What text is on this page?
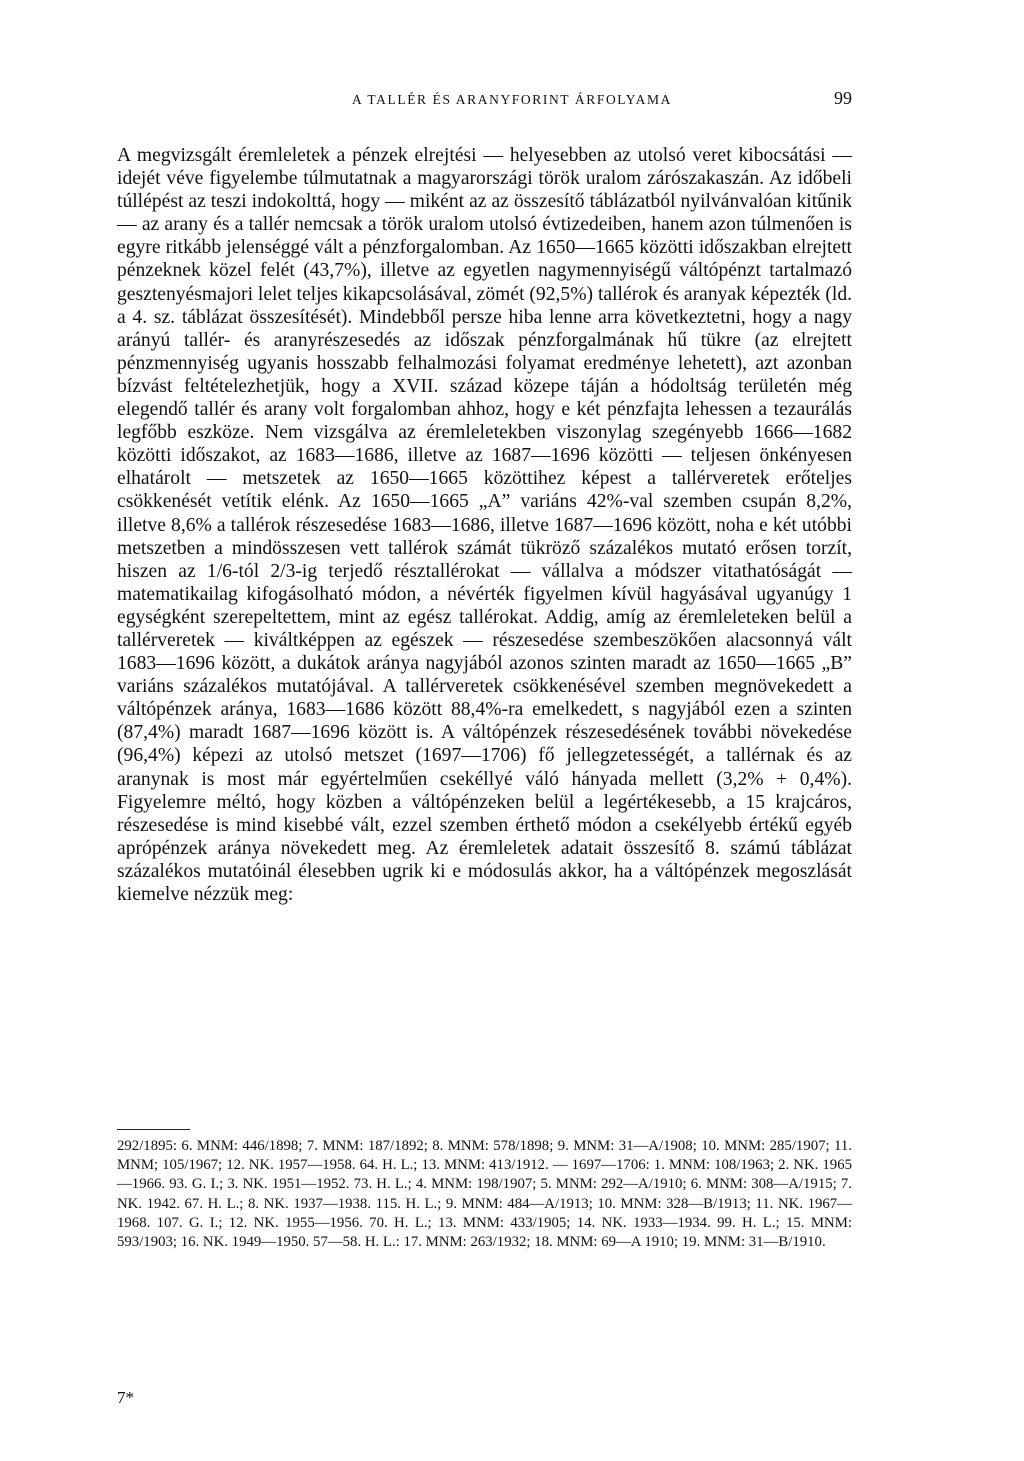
A TALLÉR ÉS ARANYFORINT ÁRFOLYAMA	99

A megvizsgált éremleletek a pénzek elrejtési — helyesebben az utolsó veret kibocsátási — idejét véve figyelembe túlmutatnak a magyarországi török uralom zárószakaszán. Az időbeli túllépést az teszi indokolttá, hogy — miként az az összesítő táblázatból nyilvánvalóan kitűnik — az arany és a tallér nemcsak a török uralom utolsó évtizedeiben, hanem azon túlmenően is egyre ritkább jelenséggé vált a pénzforgalomban. Az 1650—1665 közötti időszakban elrejtett pénzeknek közel felét (43,7%), illetve az egyetlen nagymennyiségű váltópénzt tartalmazó gesztenyésmajori lelet teljes kikapcsolásával, zömét (92,5%) tallérok és aranyak képezték (ld. a 4. sz. táblázat összesítését). Mindebből persze hiba lenne arra következtetni, hogy a nagy arányú tallér- és aranyrészesedés az időszak pénzforgalmának hű tükre (az elrejtett pénzmennyiség ugyanis hosszabb felhalmozási folyamat eredménye lehetett), azt azonban bízvást feltételezhetjük, hogy a XVII. század közepe táján a hódoltság területén még elegendő tallér és arany volt forgalomban ahhoz, hogy e két pénzfajta lehessen a tezaurálás legfőbb eszköze. Nem vizsgálva az éremleletekben viszonylag szegényebb 1666—1682 közötti időszakot, az 1683—1686, illetve az 1687—1696 közötti — teljesen önkényesen elhatárolt — metszetek az 1650—1665 közöttihez képest a tallérveretek erőteljes csökkenését vetítik elénk. Az 1650—1665 „A” variáns 42%-val szemben csupán 8,2%, illetve 8,6% a tallérok részesedése 1683—1686, illetve 1687—1696 között, noha e két utóbbi metszetben a mindösszesen vett tallérok számát tükröző százalékos mutató erősen torzít, hiszen az 1/6-tól 2/3-ig terjedő résztallérokat — vállalva a módszer vitathatóságát — matematikailag kifogásolható módon, a névérték figyelmen kívül hagyásával ugyanúgy 1 egységként szerepeltettem, mint az egész tallérokat. Addig, amíg az éremleleteken belül a tallérveretek — kiváltképpen az egészek — részesedése szembeszökően alacsonnyá vált 1683—1696 között, a dukátok aránya nagyjából azonos szinten maradt az 1650—1665 „B” variáns százalékos mutatójával. A tallérveretek csökkenésével szemben megnövekedett a váltópénzek aránya, 1683—1686 között 88,4%-ra emelkedett, s nagyjából ezen a szinten (87,4%) maradt 1687—1696 között is. A váltópénzek részesedésének további növekedése (96,4%) képezi az utolsó metszet (1697—1706) fő jellegzetességét, a tallérnak és az aranynak is most már egyértelműen csekéllyé váló hányada mellett (3,2% + 0,4%). Figyelemre méltó, hogy közben a váltópénzeken belül a legértékesebb, a 15 krajcáros, részesedése is mind kisebbé vált, ezzel szemben érthető módon a csekélyebb értékű egyéb aprópénzek aránya növekedett meg. Az éremleletek adatait összesítő 8. számú táblázat százalékos mutatóinál élesebben ugrik ki e módosulás akkor, ha a váltópénzek megoszlását kiemelve nézzük meg:

292/1895: 6. MNM: 446/1898; 7. MNM: 187/1892; 8. MNM: 578/1898; 9. MNM: 31—A/1908; 10. MNM: 285/1907; 11. MNM; 105/1967; 12. NK. 1957—1958. 64. H. L.; 13. MNM: 413/1912. — 1697—1706: 1. MNM: 108/1963; 2. NK. 1965—1966. 93. G. I.; 3. NK. 1951—1952. 73. H. L.; 4. MNM: 198/1907; 5. MNM: 292—A/1910; 6. MNM: 308—A/1915; 7. NK. 1942. 67. H. L.; 8. NK. 1937—1938. 115. H. L.; 9. MNM: 484—A/1913; 10. MNM: 328—B/1913; 11. NK. 1967—1968. 107. G. I.; 12. NK. 1955—1956. 70. H. L.; 13. MNM: 433/1905; 14. NK. 1933—1934. 99. H. L.; 15. MNM: 593/1903; 16. NK. 1949—1950. 57—58. H. L.: 17. MNM: 263/1932; 18. MNM: 69—A 1910; 19. MNM: 31—B/1910.

7*
